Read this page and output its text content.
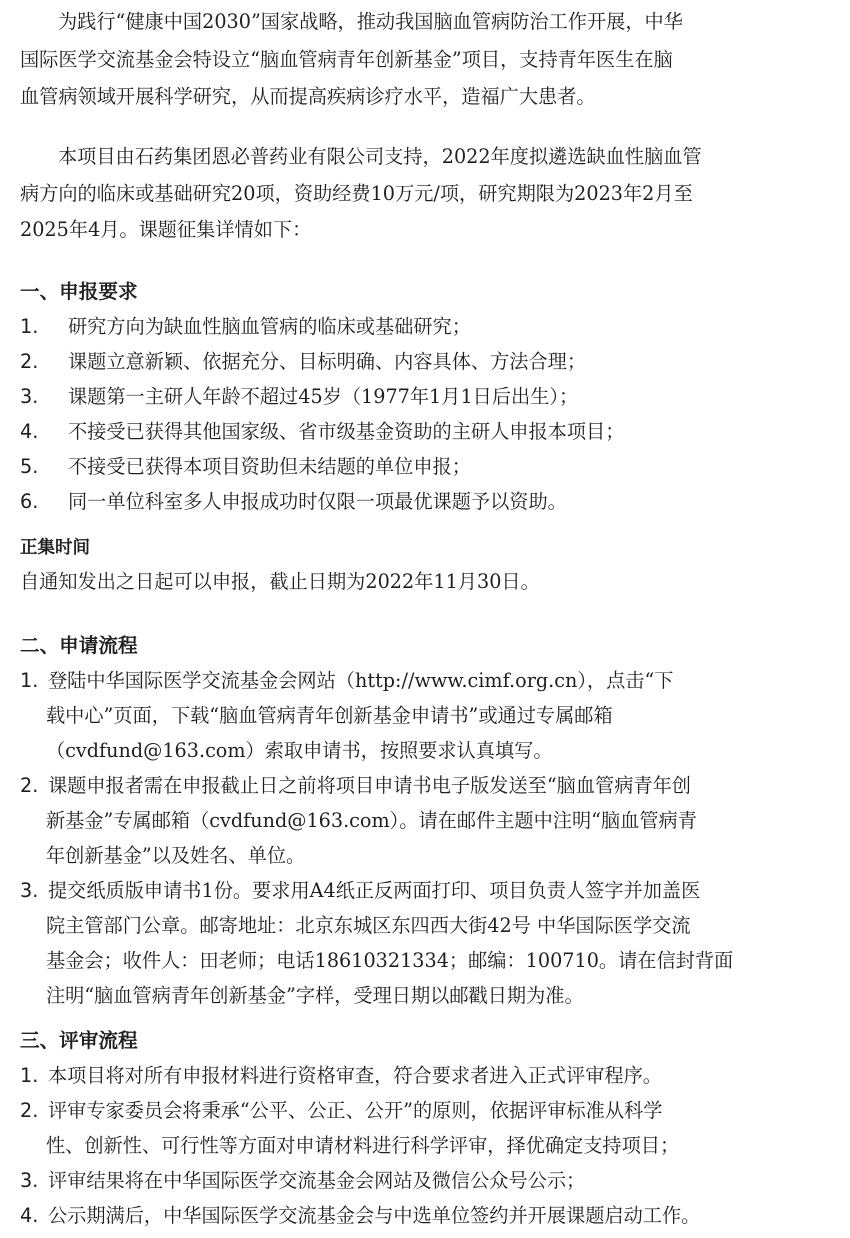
为践行“健康中国2030”国家战略，推动我国脑血管病防治工作开展，中华
国际医学交流基金会特设立“脑血管病青年创新基金”项目，支持青年医生在脑
血管病领域开展科学研究，从而提高疾病诊疗水平，造福广大患者。
本项目由石药集团恩必普药业有限公司支持，2022年度拟遴选缺血性脑血管
病方向的临床或基础研究20项，资助经费10万元/项，研究期限为2023年2月至
2025年4月。课题征集详情如下：
一、申报要求
1. 研究方向为缺血性脑血管病的临床或基础研究；
2. 课题立意新颖、依据充分、目标明确、内容具体、方法合理；
3. 课题第一主研人年龄不超过45岁（1977年1月1日后出生）；
4. 不接受已获得其他国家级、省市级基金资助的主研人申报本项目；
5. 不接受已获得本项目资助但未结题的单位申报；
6. 同一单位科室多人申报成功时仅限一项最优课题予以资助。
正集时间
自通知发出之日起可以申报，截止日期为2022年11月30日。
二、申请流程
1. 登陆中华国际医学交流基金会网站（http://www.cimf.org.cn），点击“下
载中心”页面，下载“脑血管病青年创新基金申请书”或通过专属邮箱
（cvdfund@163.com）索取申请书，按照要求认真填写。
2. 课题申报者需在申报截止日之前将项目申请书电子版发送至“脑血管病青年创
新基金”专属邮箱（cvdfund@163.com）。请在邮件主题中注明“脑血管病青
年创新基金”以及姓名、单位。
3. 提交纸质版申请书1份。要求用A4纸正反两面打印、项目负责人签字并加盖医
院主管部门公章。邮寄地址：北京东城区东四西大街42号 中华国际医学交流
基金会；收件人：田老师；电话18610321334；邮编：100710。请在信封背面
注明“脑血管病青年创新基金”字样，受理日期以邮戳日期为准。
三、评审流程
1. 本项目将对所有申报材料进行资格审查，符合要求者进入正式评审程序。
2. 评审专家委员会将秉承“公平、公正、公开”的原则，依据评审标准从科学
性、创新性、可行性等方面对申请材料进行科学评审，择优确定支持项目；
3. 评审结果将在中华国际医学交流基金会网站及微信公众号公示；
4. 公示期满后，中华国际医学交流基金会与中选单位签约并开展课题启动工作。
